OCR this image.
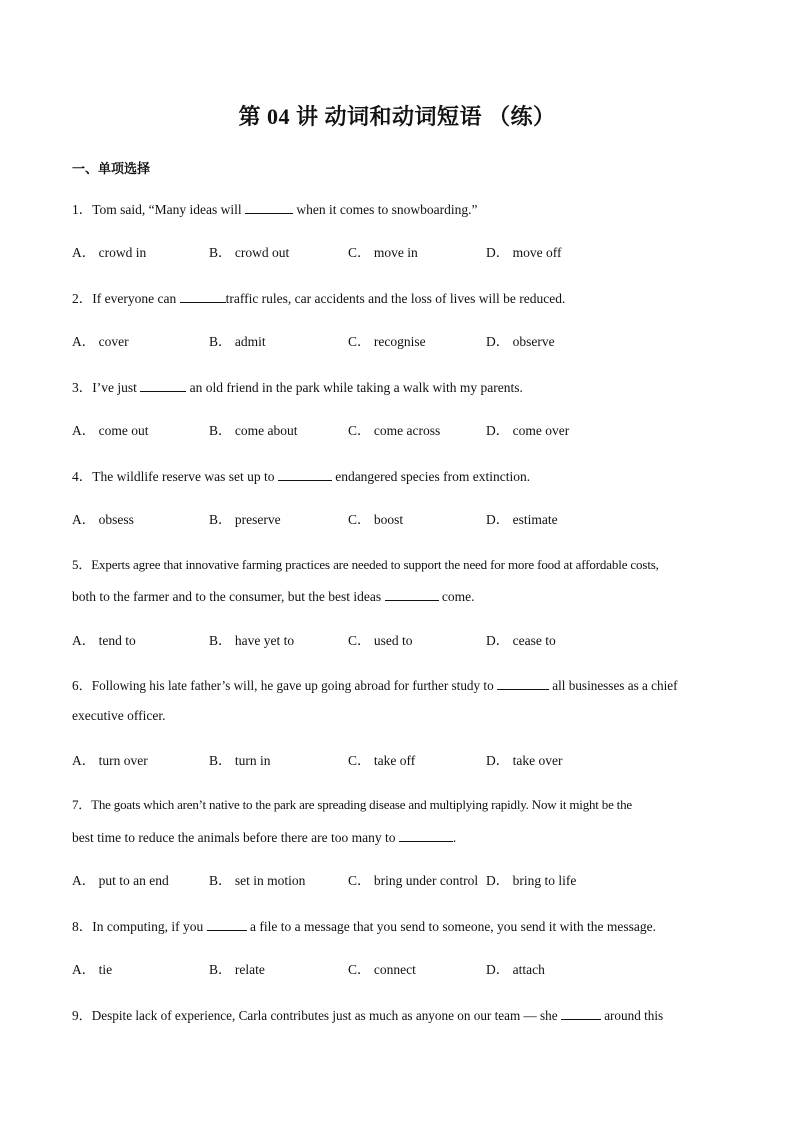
第 04 讲 动词和动词短语 （练）
一、单项选择
1．Tom said, “Many ideas will	when it comes to snowboarding.”
A． crowd in	B． crowd out	C． move in	D． move off
2．If everyone can	traffic rules, car accidents and the loss of lives will be reduced.
A． cover	B． admit	C． recognise	D． observe
3．I’ve just	an old friend in the park while taking a walk with my parents.
A． come out	B． come about	C． come across	D． come over
4．The wildlife reserve was set up to	endangered species from extinction.
A． obsess	B． preserve	C． boost	D． estimate
5．Experts agree that innovative farming practices are needed to support the need for more food at affordable costs,
both to the farmer and to the consumer, but the best ideas	come.
A． tend to	B． have yet to	C． used to	D． cease to
6．Following his late father’s will, he gave up going abroad for further study to	all businesses as a chief
executive officer.
A． turn over	B． turn in	C． take off	D． take over
7．The goats which aren’t native to the park are spreading disease and multiplying rapidly. Now it might be the
best time to reduce the animals before there are too many to	.
A． put to an end	B． set in motion	C． bring under control D． bring to life
8．In computing, if you	a file to a message that you send to someone, you send it with the message.
A． tie	B． relate	C． connect	D． attach
9．Despite lack of experience, Carla contributes just as much as anyone on our team — she	around this
